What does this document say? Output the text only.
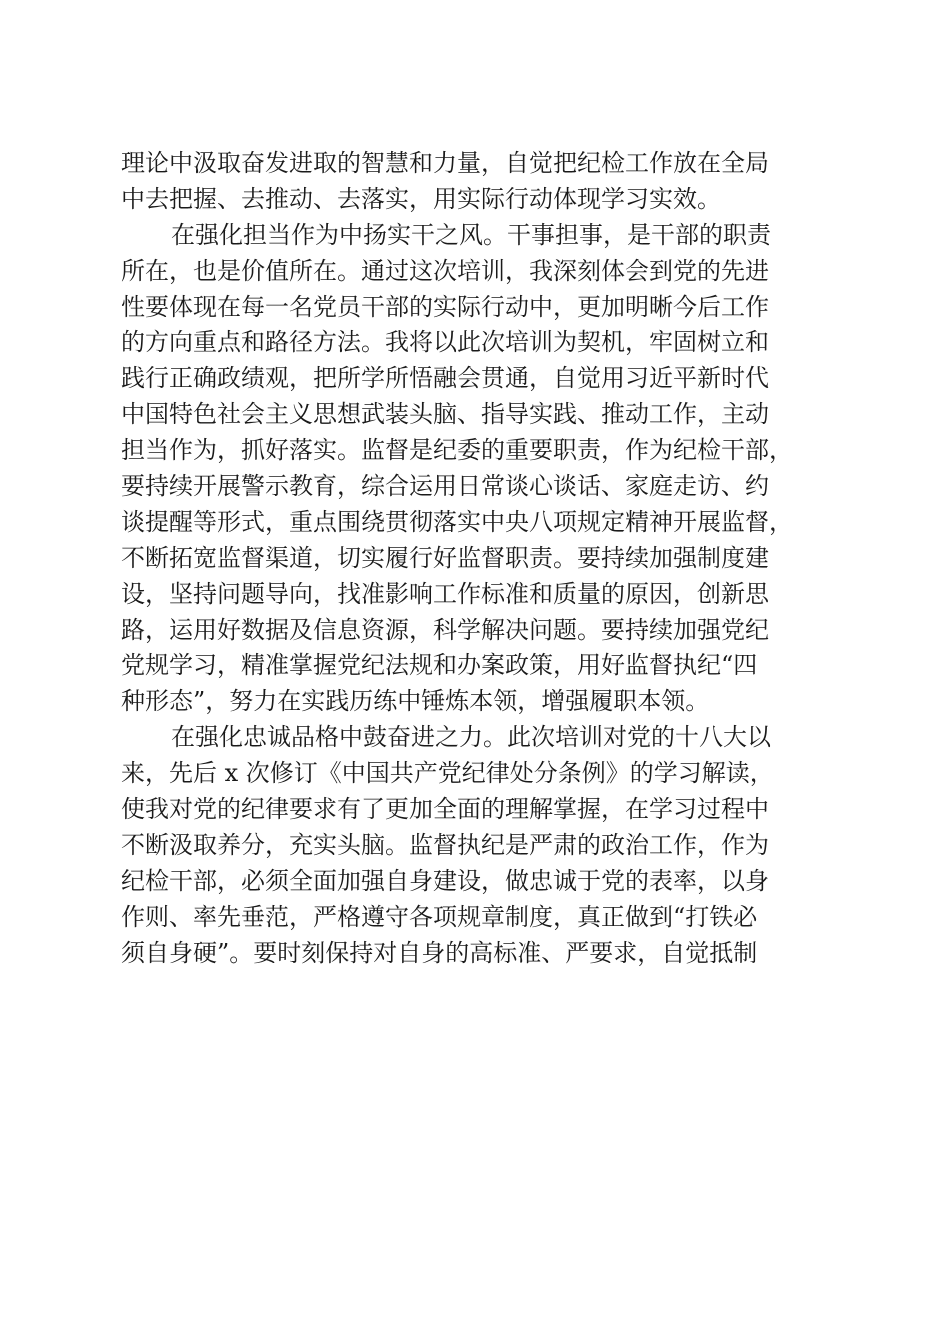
理论中汲取奋发进取的智慧和力量，自觉把纪检工作放在全局
中去把握、去推动、去落实，用实际行动体现学习实效。
在强化担当作为中扬实干之风。干事担事，是干部的职责
所在，也是价值所在。通过这次培训，我深刻体会到党的先进
性要体现在每一名党员干部的实际行动中，更加明晰今后工作
的方向重点和路径方法。我将以此次培训为契机，牢固树立和
践行正确政绩观，把所学所悟融会贯通，自觉用习近平新时代
中国特色社会主义思想武装头脑、指导实践、推动工作，主动
担当作为，抓好落实。监督是纪委的重要职责，作为纪检干部，
要持续开展警示教育，综合运用日常谈心谈话、家庭走访、约
谈提醒等形式，重点围绕贯彻落实中央八项规定精神开展监督，
不断拓宽监督渠道，切实履行好监督职责。要持续加强制度建
设，坚持问题导向，找准影响工作标准和质量的原因，创新思
路，运用好数据及信息资源，科学解决问题。要持续加强党纪
党规学习，精准掌握党纪法规和办案政策，用好监督执纪“四
种形态”，努力在实践历练中锤炼本领，增强履职本领。
在强化忠诚品格中鼓奋进之力。此次培训对党的十八大以
来，先后 x 次修订《中国共产党纪律处分条例》的学习解读，
使我对党的纪律要求有了更加全面的理解掌握，在学习过程中
不断汲取养分，充实头脑。监督执纪是严肃的政治工作，作为
纪检干部，必须全面加强自身建设，做忠诚于党的表率，以身
作则、率先垂范，严格遵守各项规章制度，真正做到“打铁必
须自身硬”。要时刻保持对自身的高标准、严要求，自觉抵制
